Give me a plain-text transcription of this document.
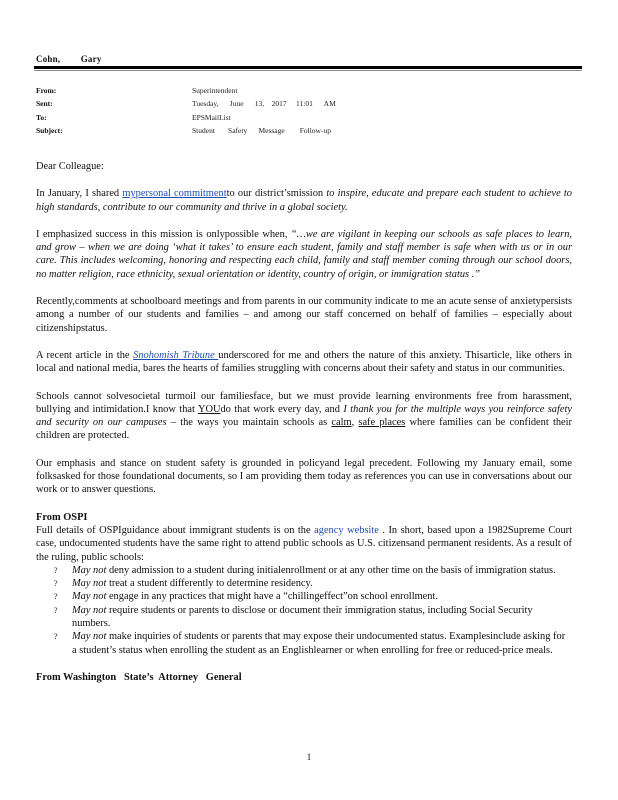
Cohn, Gary
From:	Superintendent
Sent:	Tuesday,      June      13,    2017     11:01      AM
To:	EPSMailList
Subject:	Student       Safety      Message        Follow-up

Dear Colleague:

In January, I shared mypersonal commitmentto our district’smission to inspire, educate and prepare each student to achieve to high standards, contribute to our community and thrive in a global society.

I emphasized success in this mission is onlypossible when, “…we are vigilant in keeping our schools as safe places to learn, and grow – when we are doing ‘what it takes’ to ensure each student, family and staff member is safe when with us or in our care. This includes welcoming, honoring and respecting each child, family and staff member coming through our school doors, no matter religion, race ethnicity, sexual orientation or identity, country of origin, or immigration status .”

Recently,comments at schoolboard meetings and from parents in our community indicate to me an acute sense of anxietypersists among a number of our students and families – and among our staff concerned on behalf of families – especially about citizenshipstatus.

A recent article in the Snohomish Tribune underscored for me and others the nature of this anxiety. Thisarticle, like others in local and national media, bares the hearts of families struggling with concerns about their safety and status in our communities.

Schools cannot solvesocietal turmoil our familiesface, but we must provide learning environments free from harassment, bullying and intimidation.I know that YOUdo that work every day, and I thank you for the multiple ways you reinforce safety and security on our campuses – the ways you maintain schools as calm, safe places where families can be confident their children are protected.

Our emphasis and stance on student safety is grounded in policyand legal precedent. Following my January email, some folksasked for those foundational documents, so I am providing them today as references you can use in conversations about our work or to answer questions.

From OSPI
Full details of OSPIguidance about immigrant students is on the agency website . In short, based upon a 1982Supreme Court case, undocumented students have the same right to attend public schools as U.S. citizensand permanent residents. As a result of the ruling, public schools:
? May not deny admission to a student during initialenrollment or at any other time on the basis of immigration status.
? May not treat a student differently to determine residency.
? May not engage in any practices that might have a “chillingeffect”on school enrollment.
? May not require students or parents to disclose or document their immigration status, including Social Security numbers.
? May not make inquiries of students or parents that may expose their undocumented status. Examplesinclude asking for a student’s status when enrolling the student as an Englishlearner or when enrolling for free or reduced-price meals.
From Washington   State’s  Attorney   General
1
